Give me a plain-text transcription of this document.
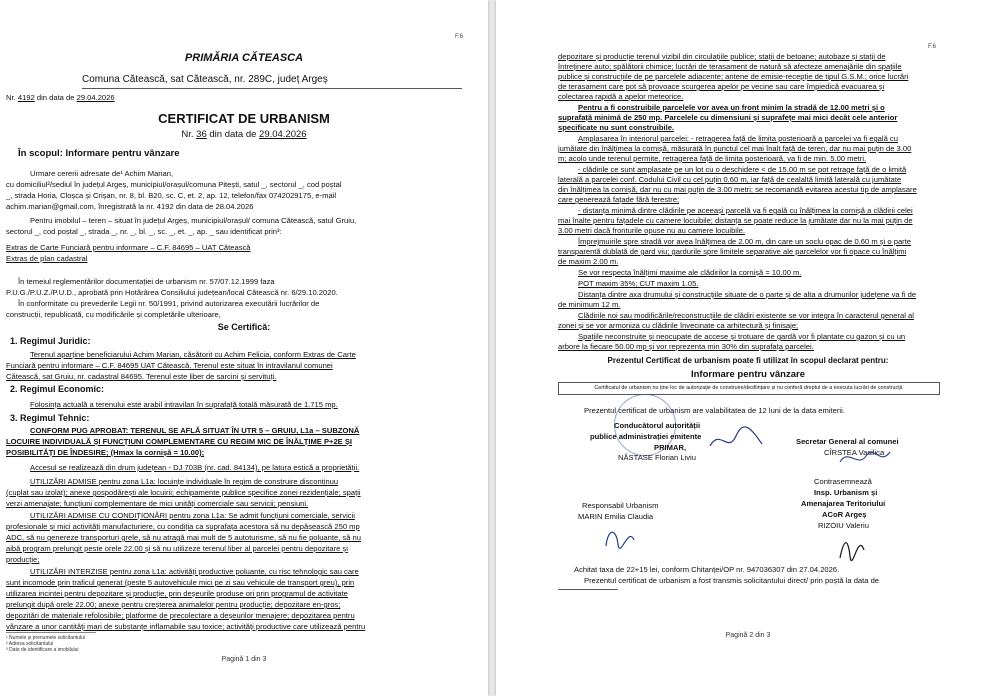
F.6
PRIMĂRIA CĂTEASCA
Comuna Cătească, sat Cătească, nr. 289C, județ Argeș
Nr. 4192 din data de 29.04.2026
CERTIFICAT DE URBANISM
Nr. 36 din data de 29.04.2026
În scopul: Informare pentru vânzare
Urmare cererii adresate de¹ Achim Marian,
cu domiciliul²/sediul în județul Argeș, municipiul/orașul/comuna Pitești, satul _, sectorul _, cod poștal
_, strada Horia, Cloșca și Crișan, nr. 8, bl. B20, sc. C, et. 2, ap. 12, telefon/fax 0742029175, e-mail
achim.marian@gmail.com, înregistrată la nr. 4192 din data de 28.04.2026
Pentru imobilul – teren – situat în județul Argeș, municipiul/orașul/ comuna Cătească, satul Gruiu,
sectorul _, cod poștal _, strada _, nr. _, bl. _, sc. _, et. _, ap. _ sau identificat prin³:
Extras de Carte Funciară pentru informare – C.F. 84695 – UAT Cătească
Extras de plan cadastral
În temeiul reglementărilor documentației de urbanism nr. 57/07.12.1999 faza
P.U.G./P.U.Z./P.U.D., aprobată prin Hotărârea Consiliului județean/local Cătească nr. 6/29.10.2020.
În conformitate cu prevederile Legii nr. 50/1991, privind autorizarea executării lucrărilor de
construcții, republicată, cu modificările și completările ulterioare,
Se Certifică:
1. Regimul Juridic:
Terenul aparține beneficiarului Achim Marian, căsătorit cu Achim Felicia, conform Extras de Carte
Funciară pentru informare – C.F. 84695 UAT Cătească. Terenul este situat în intravilanul comunei
Cătească, sat Gruiu, nr. cadastral 84695. Terenul este liber de sarcini și servituți.
2. Regimul Economic:
Folosința actuală a terenului este arabil intravilan în suprafață totală măsurată de 1.715 mp.
3. Regimul Tehnic:
CONFORM PUG APROBAT: TERENUL SE AFLĂ SITUAT ÎN UTR 5 – GRUIU, L1a – SUBZONĂ
LOCUIRE INDIVIDUALĂ ȘI FUNCȚIUNI COMPLEMENTARE CU REGIM MIC DE ÎNĂLȚIME P+2E ȘI
POSIBILITĂȚI DE ÎNDESIRE; (Hmax la cornișă = 10.00);
Accesul se realizează din drum județean - DJ 703B (nr. cad. 84134), pe latura estică a proprietății.
UTILIZĂRI ADMISE pentru zona L1a: locuințe individuale în regim de construire discontinuu
(cuplat sau izolat); anexe gospodărești ale locuirii; echipamente publice specifice zonei rezidențiale; spații
verzi amenajate; funcțiuni complementare de mici unități comerciale sau servicii; pensiuni.
UTILIZĂRI ADMISE CU CONDIȚIONĂRI pentru zona L1a: Se admit funcțiuni comerciale, servicii
profesionale și mici activități manufacturiere, cu condiția ca suprafața acestora să nu depășească 250 mp
ADC, să nu genereze transporturi grele, să nu atragă mai mult de 5 autoturisme, să nu fie poluante, să nu
aibă program prelungit peste orele 22.00 și să nu utilizeze terenul liber al parcelei pentru depozitare și
producție;
UTILIZĂRI INTERZISE pentru zona L1a: activități productive poluante, cu risc tehnologic sau care
sunt incomode prin traficul generat (peste 5 autovehicule mici pe zi sau vehicule de transport greu), prin
utilizarea incintei pentru depozitare și producție, prin deșeurile produse ori prin programul de activitate
prelungit după orele 22.00; anexe pentru creșterea animalelor pentru producție; depozitare en-gros;
depozitări de materiale refolosibile; platforme de precolectare a deșeurilor menajere; depozitarea pentru
vânzare a unor cantități mari de substanțe inflamabile sau toxice; activități productive care utilizează pentru
¹ Numele și prenumele solicitantului
² Adresa solicitantului
³ Date de identificare a imobilului
Pagină 1 din 3
F.6
depozitare și producție terenul vizibil din circulațiile publice; stații de betoane; autobaze și stații de
întreținere auto; spălătorii chimice; lucrări de terasament de natură să afecteze amenajările din spațiile
publice și construcțiile de pe parcelele adiacente; antene de emisie-recepție de tipul G.S.M.; orice lucrări
de terasament care pot să provoace scurgerea apelor pe vecine sau care împiedică evacuarea și
colectarea rapidă a apelor meteorice.
Pentru a fi construibile parcelele vor avea un front minim la stradă de 12.00 metri și o
suprafață minimă de 250 mp. Parcelele cu dimensiuni și suprafețe mai mici decât cele anterior
specificate nu sunt construibile.
Amplasarea în interiorul parcelei: - retragerea față de limita posterioară a parcelei va fi egală cu
jumătate din înălțimea la cornișă, măsurată în punctul cel mai înalt față de teren, dar nu mai puțin de 3.00
m; acolo unde terenul permite, retragerea față de limita posterioară, va fi de min. 5.00 metri.
- clădirile ce sunt amplasate pe un lot cu o deschidere < de 15.00 m se pot retrage față de o limită
laterală a parcelei conf. Codului Civil cu cel puțin 0.60 m, iar față de cealaltă limită laterală cu jumătate
din înălțimea la cornișă, dar nu cu mai puțin de 3.00 metri; se recomandă evitarea acestui tip de amplasare
care generează fațade fără ferestre;
- distanța minimă dintre clădirile pe aceeași parcelă va fi egală cu înălțimea la cornișă a clădirii celei
mai înalte pentru fațadele cu camere locuibile; distanța se poate reduce la jumătate dar nu la mai puțin de
3.00 metri dacă fronturile opuse nu au camere locuibile.
Împrejmuirile spre stradă vor avea înălțimea de 2.00 m, din care un soclu opac de 0.60 m și o parte
transparentă dublată de gard viu; gardurile spre limitele separative ale parcelelor vor fi opace cu înălțimi
de maxim 2.00 m.
Se vor respecta înălțimi maxime ale clădirilor la cornișă = 10.00 m.
POT maxim 35%; CUT maxim 1.05.
Distanța dintre axa drumului și construcțiile situate de o parte și de alta a drumurilor județene va fi de
de minimum 12 m.
Clădirile noi sau modificările/reconstrucțiile de clădiri existente se vor integra în caracterul general al
zonei și se vor armoniza cu clădirile învecinate ca arhitectură și finisaje;
Spațiile neconstruite și neocupate de accese și trotuare de gardă vor fi plantate cu gazon și cu un
arbore la fiecare 50.00 mp și vor reprezenta min 30% din suprafața parcelei.
Prezentul Certificat de urbanism poate fi utilizat în scopul declarat pentru:
Informare pentru vânzare
Certificatul de urbanism nu ține loc de autorizație de construire/desființare și nu conferă dreptul de a executa lucrări de construcții.
Prezentul certificat de urbanism are valabilitatea de 12 luni de la data emiterii.
Conducătorul autorității
publice administrației emitente
PRIMAR,
NĂSTASE Florian Liviu
Secretar General al comunei
CÎRSTEA Vasilica
Responsabil Urbanism
MARIN Emilia Claudia
Contrasemnează
Insp. Urbanism și
Amenajarea Teritoriului
ACoR Argeș
RIZOIU Valeriu
Achitat taxa de 22+15 lei, conform Chitanței/OP nr. 947036307 din 27.04.2026.
Prezentul certificat de urbanism a fost transmis solicitantului direct/ prin poștă la data de
Pagină 2 din 3
